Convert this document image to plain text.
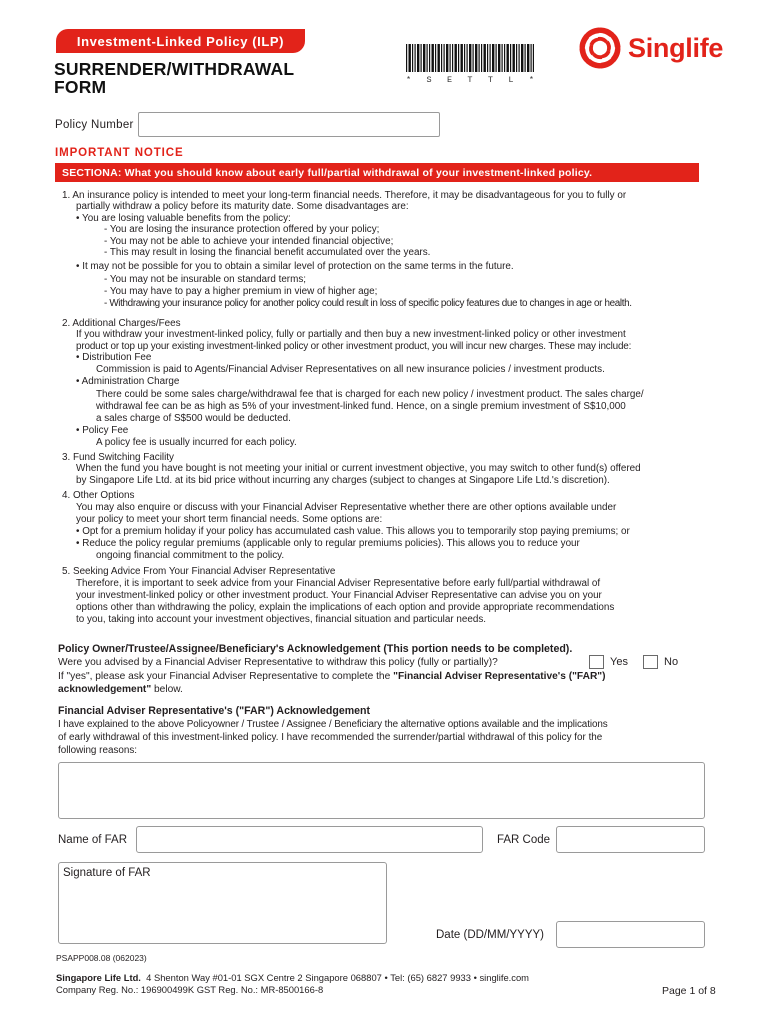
Investment-Linked Policy (ILP)
SURRENDER/WITHDRAWAL
FORM	* S E T T L *
Singlife
Policy Number
IMPORTANT NOTICE
SECTIONA: What you should know about early full/partial withdrawal of your investment-linked policy.
1. An insurance policy is intended to meet your long-term financial needs. Therefore, it may be disadvantageous for you to fully or
partially withdraw a policy before its maturity date. Some disadvantages are:
• You are losing valuable benefits from the policy:
- You are losing the insurance protection offered by your policy;
- You may not be able to achieve your intended financial objective;
- This may result in losing the financial benefit accumulated over the years.
• It may not be possible for you to obtain a similar level of protection on the same terms in the future.
- You may not be insurable on standard terms;
- You may have to pay a higher premium in view of higher age;
- Withdrawing your insurance policy for another policy could result in loss of specific policy features due to changes in age or health.
2. Additional Charges/Fees
If you withdraw your investment-linked policy, fully or partially and then buy a new investment-linked policy or other investment
product or top up your existing investment-linked policy or other investment product, you will incur new charges. These may include:
• Distribution Fee
Commission is paid to Agents/Financial Adviser Representatives on all new insurance policies / investment products.
• Administration Charge
There could be some sales charge/withdrawal fee that is charged for each new policy / investment product. The sales charge/
withdrawal fee can be as high as 5% of your investment-linked fund. Hence, on a single premium investment of S$10,000
a sales charge of S$500 would be deducted.
• Policy Fee
A policy fee is usually incurred for each policy.
3. Fund Switching Facility
When the fund you have bought is not meeting your initial or current investment objective, you may switch to other fund(s) offered
by Singapore Life Ltd. at its bid price without incurring any charges (subject to changes at Singapore Life Ltd.'s discretion).
4. Other Options
You may also enquire or discuss with your Financial Adviser Representative whether there are other options available under
your policy to meet your short term financial needs. Some options are:
• Opt for a premium holiday if your policy has accumulated cash value. This allows you to temporarily stop paying premiums; or
• Reduce the policy regular premiums (applicable only to regular premiums policies). This allows you to reduce your
ongoing financial commitment to the policy.
5. Seeking Advice From Your Financial Adviser Representative
Therefore, it is important to seek advice from your Financial Adviser Representative before early full/partial withdrawal of
your investment-linked policy or other investment product. Your Financial Adviser Representative can advise you on your
options other than withdrawing the policy, explain the implications of each option and provide appropriate recommendations
to you, taking into account your investment objectives, financial situation and particular needs.
Policy Owner/Trustee/Assignee/Beneficiary's Acknowledgement (This portion needs to be completed).
Were you advised by a Financial Adviser Representative to withdraw this policy (fully or partially)?	Yes	No
If "yes", please ask your Financial Adviser Representative to complete the "Financial Adviser Representative's ("FAR")
acknowledgement" below.
Financial Adviser Representative's ("FAR") Acknowledgement
I have explained to the above Policyowner / Trustee / Assignee / Beneficiary the alternative options available and the implications
of early withdrawal of this investment-linked policy. I have recommended the surrender/partial withdrawal of this policy for the
following reasons:
Name of FAR	FAR Code
Signature of FAR
Date (DD/MM/YYYY)
PSAPP008.08 (062023)
Singapore Life Ltd. 4 Shenton Way #01-01 SGX Centre 2 Singapore 068807 • Tel: (65) 6827 9933 • singlife.com
Company Reg. No.: 196900499K GST Reg. No.: MR-8500166-8	Page 1 of 8
